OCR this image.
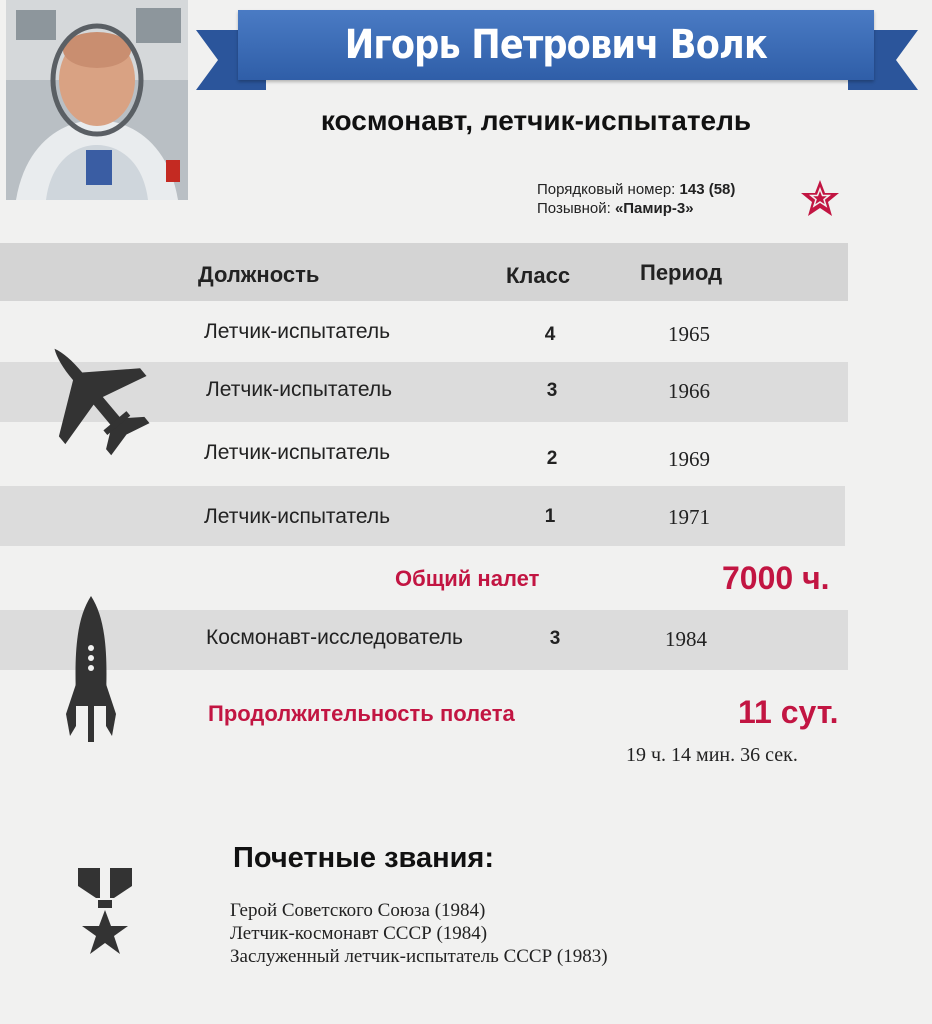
Игорь Петрович Волк
космонавт, летчик-испытатель
Порядковый номер: 143 (58)
Позывной: «Памир-3»
Должность	Класс	Период
Летчик-испытатель	4	1965
Летчик-испытатель	3	1966
Летчик-испытатель	2	1969
Летчик-испытатель	1	1971
Общий налет	7000 ч.
Космонавт-исследователь	3	1984
Продолжительность полета	11 сут.
19 ч. 14 мин. 36 сек.
Почетные звания:
Герой Советского Союза (1984)
Летчик-космонавт СССР (1984)
Заслуженный летчик-испытатель СССР (1983)
